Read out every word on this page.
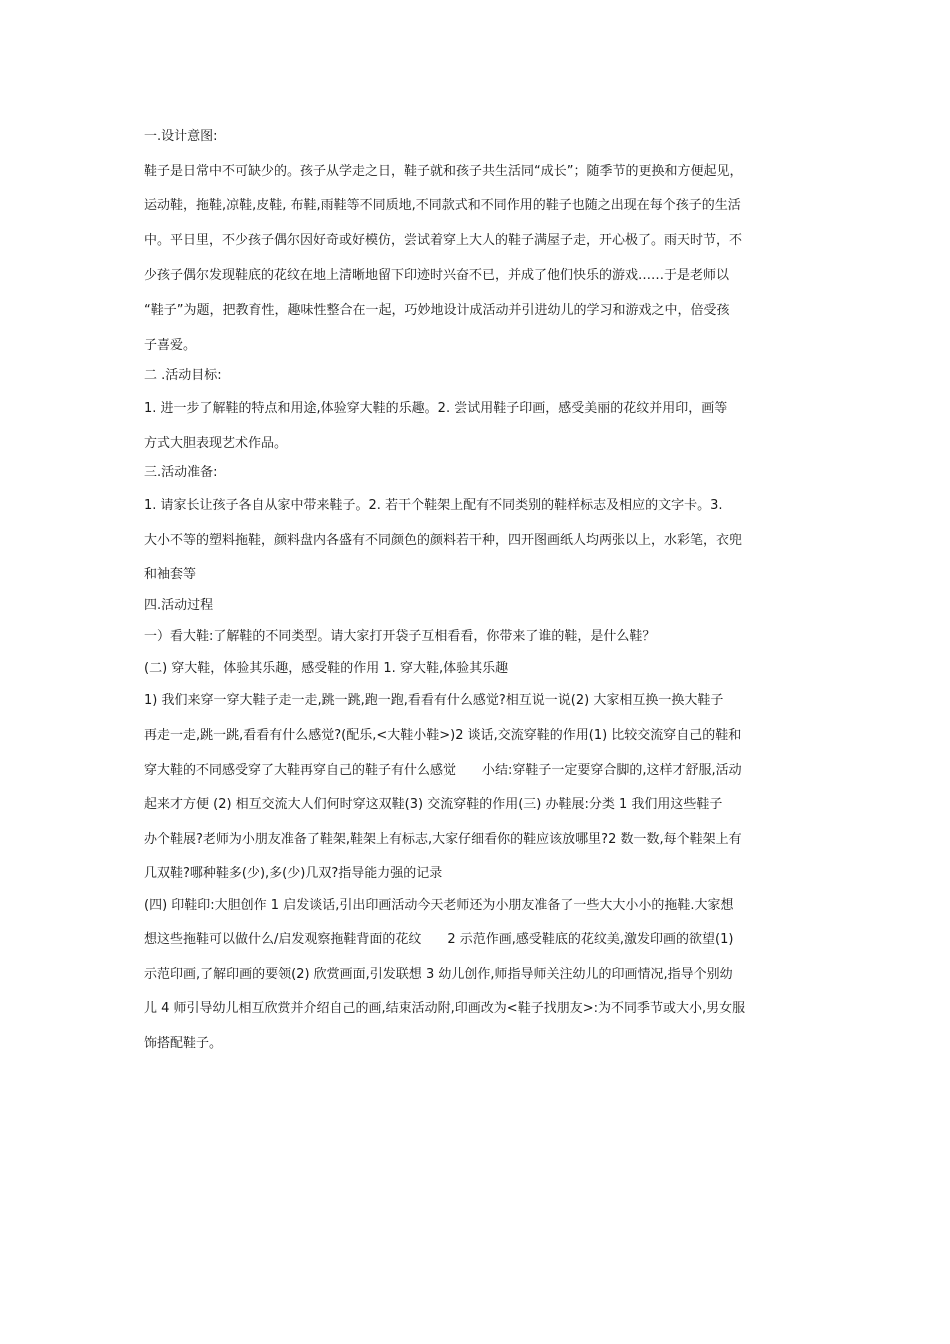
一.设计意图:
鞋子是日常中不可缺少的。孩子从学走之日，鞋子就和孩子共生活同“成长”；随季节的更换和方便起见，
运动鞋，拖鞋,凉鞋,皮鞋, 布鞋,雨鞋等不同质地,不同款式和不同作用的鞋子也随之出现在每个孩子的生活
中。平日里，不少孩子偶尔因好奇或好模仿，尝试着穿上大人的鞋子满屋子走，开心极了。雨天时节，不
少孩子偶尔发现鞋底的花纹在地上清晰地留下印迹时兴奋不已，并成了他们快乐的游戏……于是老师以
“鞋子”为题，把教育性，趣味性整合在一起，巧妙地设计成活动并引进幼儿的学习和游戏之中，倍受孩
子喜爱。
二 .活动目标:
1. 进一步了解鞋的特点和用途,体验穿大鞋的乐趣。2. 尝试用鞋子印画，感受美丽的花纹并用印，画等
方式大胆表现艺术作品。
三.活动准备:
1. 请家长让孩子各自从家中带来鞋子。2. 若干个鞋架上配有不同类别的鞋样标志及相应的文字卡。3.
大小不等的塑料拖鞋，颜料盘内各盛有不同颜色的颜料若干种，四开图画纸人均两张以上，水彩笔，衣兜
和袖套等
四.活动过程
一）看大鞋:了解鞋的不同类型。请大家打开袋子互相看看，你带来了谁的鞋，是什么鞋？
(二) 穿大鞋，体验其乐趣，感受鞋的作用 1. 穿大鞋,体验其乐趣
1) 我们来穿一穿大鞋子走一走,跳一跳,跑一跑,看看有什么感觉?相互说一说(2) 大家相互换一换大鞋子
再走一走,跳一跳,看看有什么感觉?(配乐,<大鞋小鞋>)2 谈话,交流穿鞋的作用(1) 比较交流穿自己的鞋和
穿大鞋的不同感受穿了大鞋再穿自己的鞋子有什么感觉　　小结:穿鞋子一定要穿合脚的,这样才舒服,活动
起来才方便 (2) 相互交流大人们何时穿这双鞋(3) 交流穿鞋的作用(三) 办鞋展:分类 1 我们用这些鞋子
办个鞋展?老师为小朋友准备了鞋架,鞋架上有标志,大家仔细看你的鞋应该放哪里?2 数一数,每个鞋架上有
几双鞋?哪种鞋多(少),多(少)几双?指导能力强的记录
(四) 印鞋印:大胆创作 1 启发谈话,引出印画活动今天老师还为小朋友准备了一些大大小小的拖鞋.大家想
想这些拖鞋可以做什么/启发观察拖鞋背面的花纹　　2 示范作画,感受鞋底的花纹美,激发印画的欲望(1)
示范印画,了解印画的要领(2) 欣赏画面,引发联想 3 幼儿创作,师指导师关注幼儿的印画情况,指导个别幼
儿 4 师引导幼儿相互欣赏并介绍自己的画,结束活动附,印画改为<鞋子找朋友>:为不同季节或大小,男女服
饰搭配鞋子。
